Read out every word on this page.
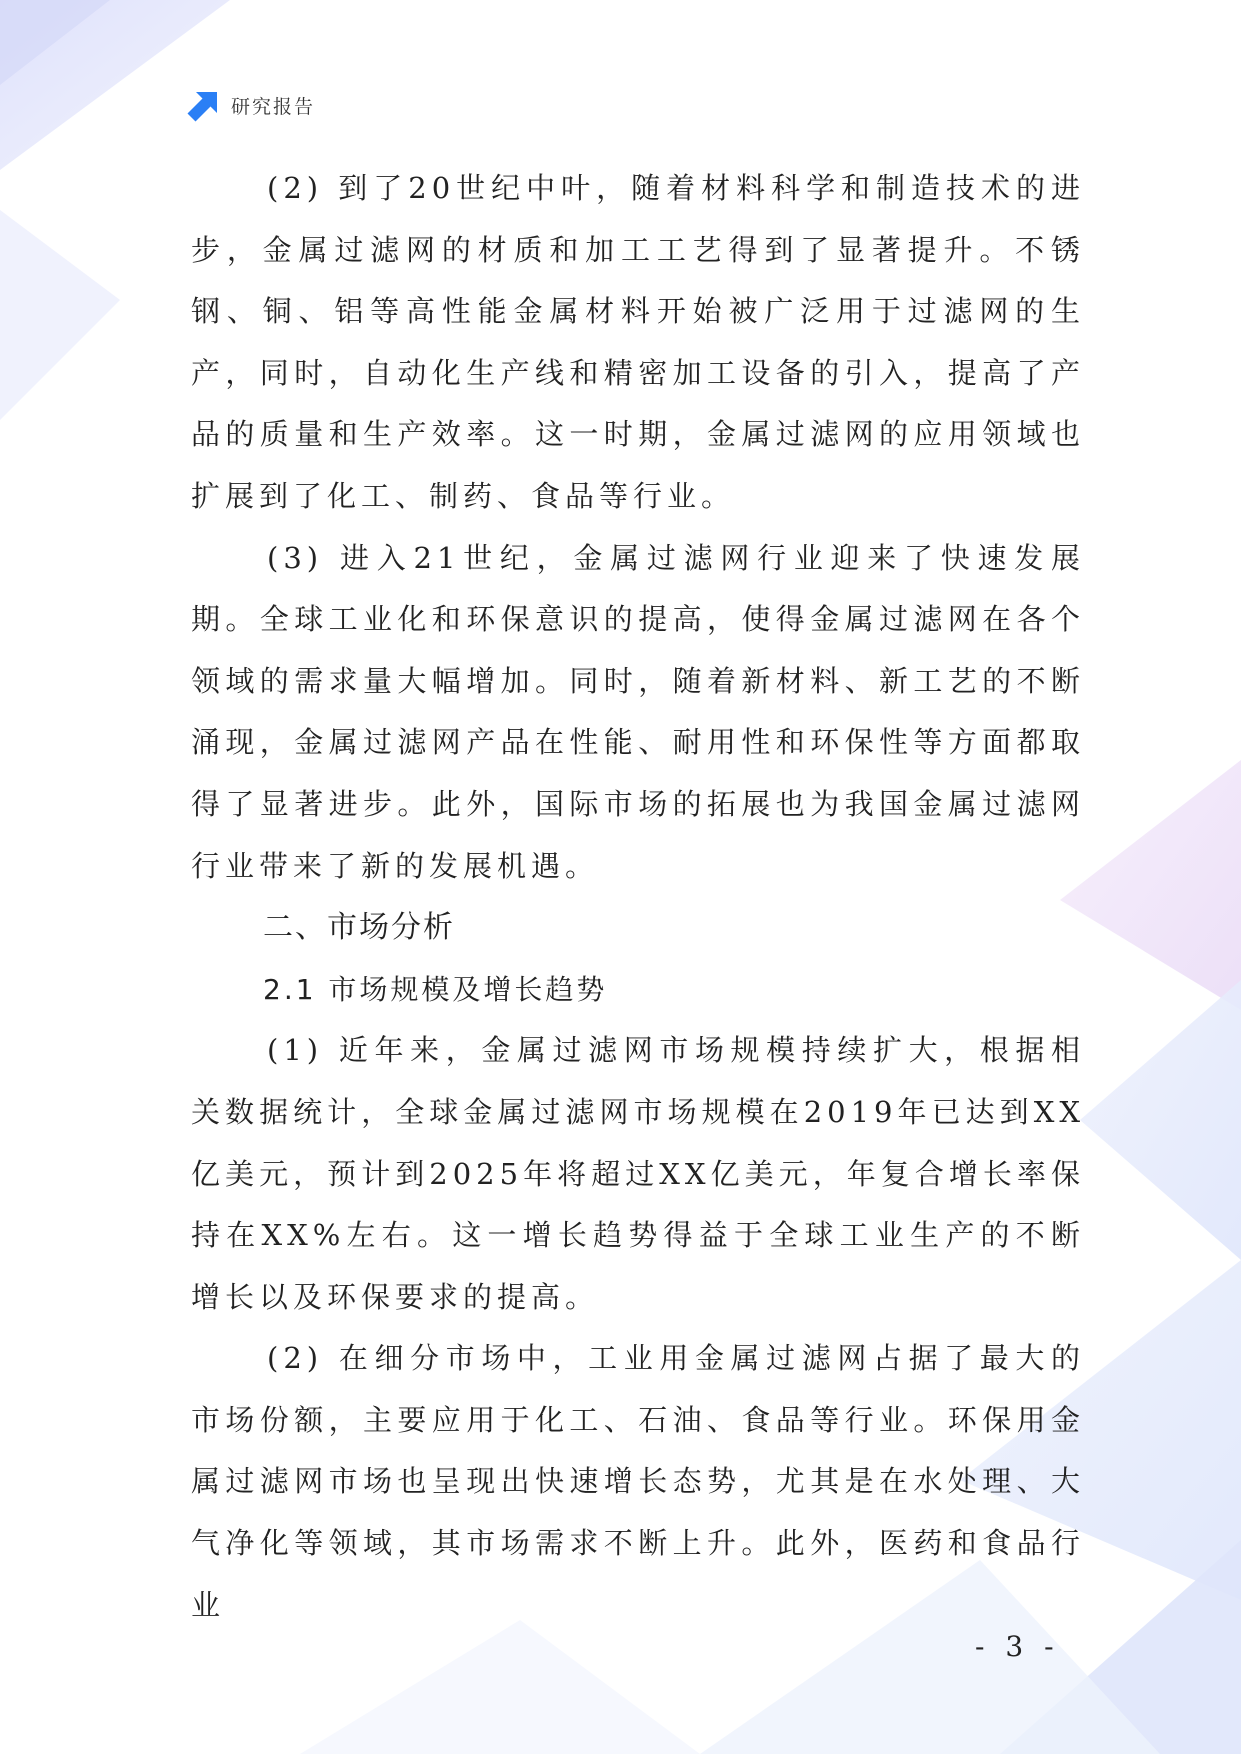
研究报告

(2) 到了20世纪中叶，随着材料科学和制造技术的进步，金属过滤网的材质和加工工艺得到了显著提升。不锈钢、铜、铝等高性能金属材料开始被广泛用于过滤网的生产，同时，自动化生产线和精密加工设备的引入，提高了产品的质量和生产效率。这一时期，金属过滤网的应用领域也扩展到了化工、制药、食品等行业。

(3) 进入21世纪，金属过滤网行业迎来了快速发展期。全球工业化和环保意识的提高，使得金属过滤网在各个领域的需求量大幅增加。同时，随着新材料、新工艺的不断涌现，金属过滤网产品在性能、耐用性和环保性等方面都取得了显著进步。此外，国际市场的拓展也为我国金属过滤网行业带来了新的发展机遇。

二、市场分析
2.1 市场规模及增长趋势

(1) 近年来，金属过滤网市场规模持续扩大，根据相关数据统计，全球金属过滤网市场规模在2019年已达到XX亿美元，预计到2025年将超过XX亿美元，年复合增长率保持在XX%左右。这一增长趋势得益于全球工业生产的不断增长以及环保要求的提高。

(2) 在细分市场中，工业用金属过滤网占据了最大的市场份额，主要应用于化工、石油、食品等行业。环保用金属过滤网市场也呈现出快速增长态势，尤其是在水处理、大气净化等领域，其市场需求不断上升。此外，医药和食品行业

- 3 -
